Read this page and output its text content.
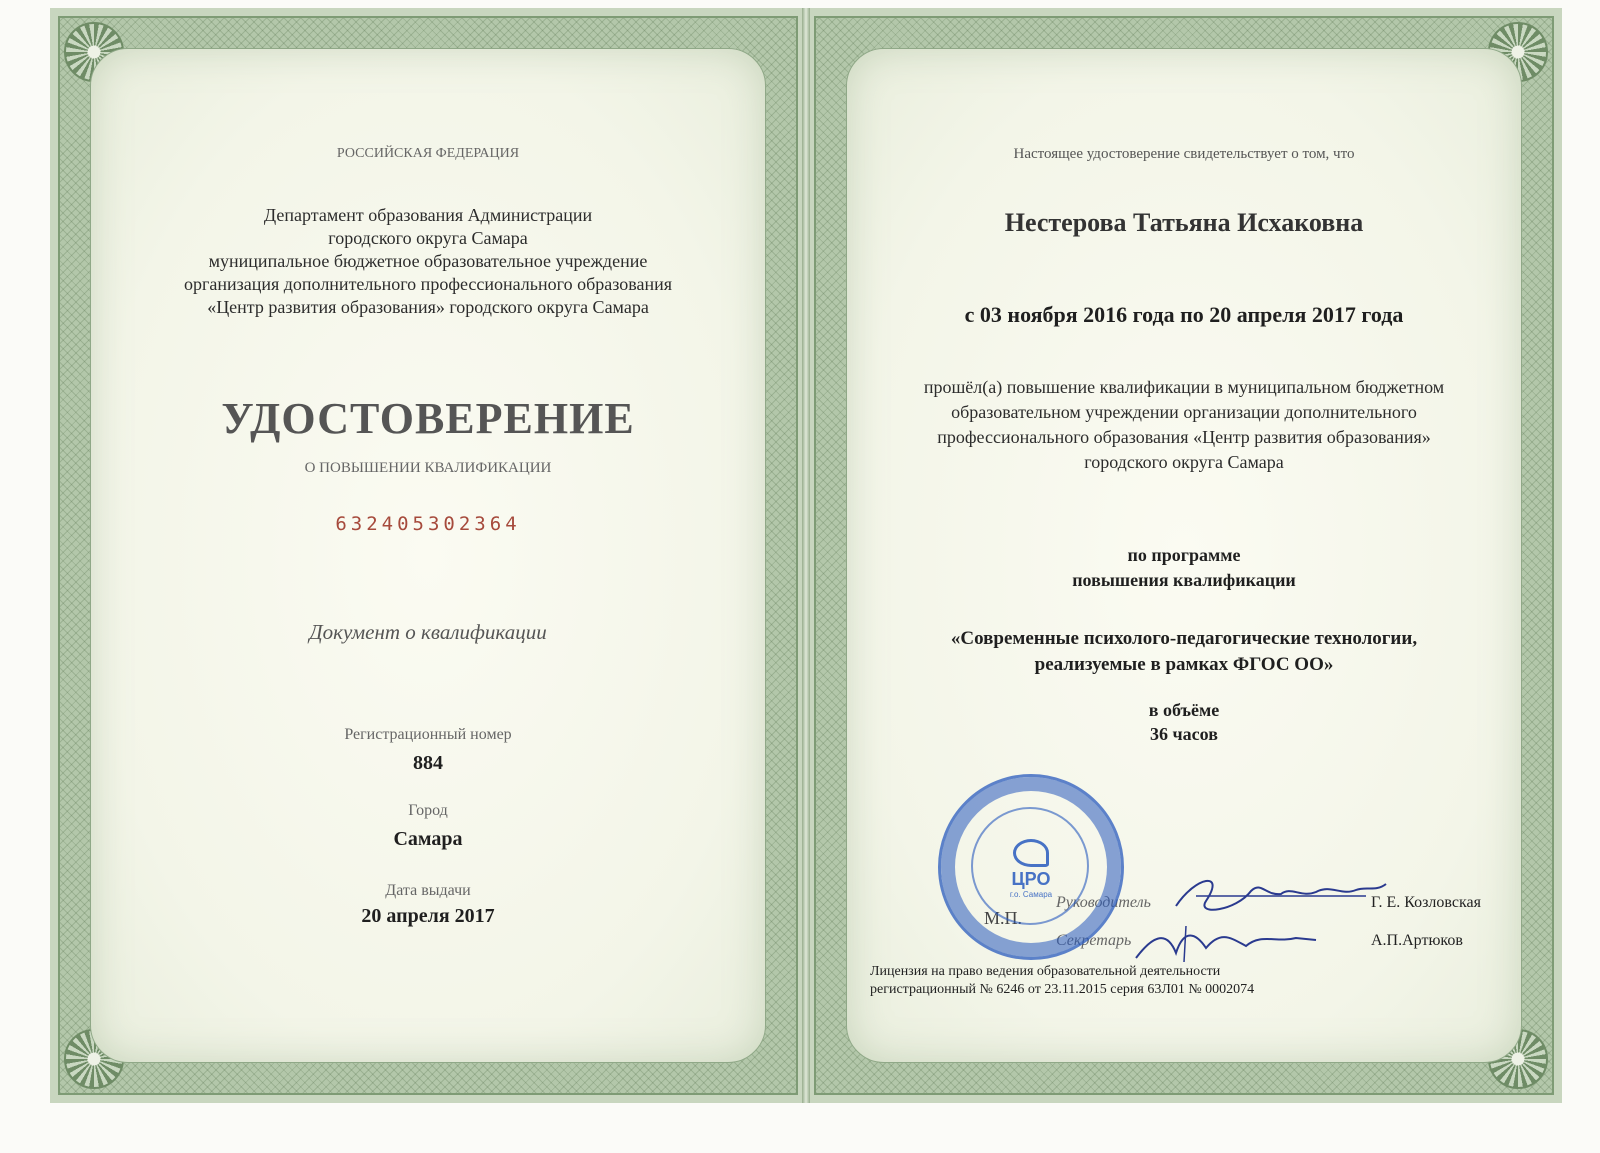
РОССИЙСКАЯ ФЕДЕРАЦИЯ
Департамент образования Администрации
городского округа Самара
муниципальное бюджетное образовательное учреждение
организация дополнительного профессионального образования
«Центр развития образования» городского округа Самара
УДОСТОВЕРЕНИЕ
О ПОВЫШЕНИИ КВАЛИФИКАЦИИ
632405302364
Документ о квалификации
Регистрационный номер
884
Город
Самара
Дата выдачи
20 апреля 2017
Настоящее удостоверение свидетельствует о том, что
Нестерова Татьяна Исхаковна
с 03 ноября 2016 года по 20 апреля 2017 года
прошёл(а) повышение квалификации в муниципальном бюджетном
образовательном учреждении организации дополнительного
профессионального образования «Центр развития образования»
городского округа Самара
по программе
повышения квалификации
«Современные психолого-педагогические технологии,
реализуемые в рамках ФГОС ОО»
в объёме
36 часов
М.П.
Руководитель	Г. Е. Козловская
Секретарь	А.П.Артюков
Лицензия на право ведения образовательной деятельности
регистрационный № 6246 от 23.11.2015 серия 63Л01 № 0002074
ЦРО
г.о. Самара
